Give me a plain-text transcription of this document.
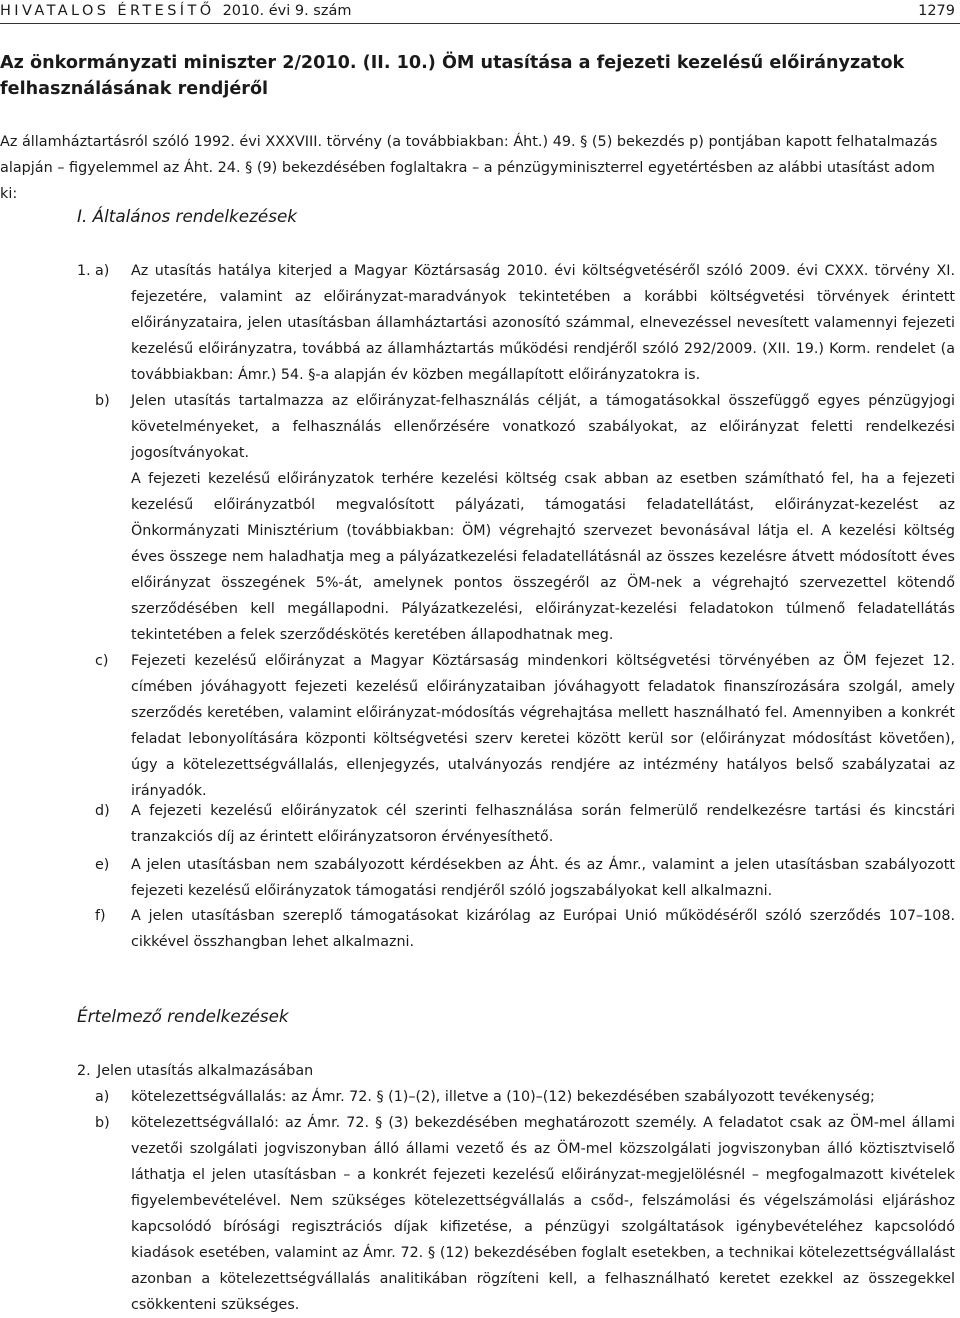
HIVATALOS ÉRTESÍTŐ 2010. évi 9. szám	1279

Az önkormányzati miniszter 2/2010. (II. 10.) ÖM utasítása a fejezeti kezelésű előirányzatok felhasználásának rendjéről

Az államháztartásról szóló 1992. évi XXXVIII. törvény (a továbbiakban: Áht.) 49. § (5) bekezdés p) pontjában kapott felhatalmazás alapján – figyelemmel az Áht. 24. § (9) bekezdésében foglaltakra – a pénzügyminiszterrel egyetértésben az alábbi utasítást adom ki:

I. Általános rendelkezések
1. a) Az utasítás hatálya kiterjed a Magyar Köztársaság 2010. évi költségvetéséről szóló 2009. évi CXXX. törvény XI. fejezetére, valamint az előirányzat-maradványok tekintetében a korábbi költségvetési törvények érintett előirányzataira, jelen utasításban államháztartási azonosító számmal, elnevezéssel nevesített valamennyi fejezeti kezelésű előirányzatra, továbbá az államháztartás működési rendjéről szóló 292/2009. (XII. 19.) Korm. rendelet (a továbbiakban: Ámr.) 54. §-a alapján év közben megállapított előirányzatokra is.

b) Jelen utasítás tartalmazza az előirányzat-felhasználás célját, a támogatásokkal összefüggő egyes pénzügyjogi követelményeket, a felhasználás ellenőrzésére vonatkozó szabályokat, az előirányzat feletti rendelkezési jogosítványokat.

A fejezeti kezelésű előirányzatok terhére kezelési költség csak abban az esetben számítható fel, ha a fejezeti kezelésű előirányzatból megvalósított pályázati, támogatási feladatellátást, előirányzat-kezelést az Önkormányzati Minisztérium (továbbiakban: ÖM) végrehajtó szervezet bevonásával látja el. A kezelési költség éves összege nem haladhatja meg a pályázatkezelési feladatellátásnál az összes kezelésre átvett módosított éves előirányzat összegének 5%-át, amelynek pontos összegéről az ÖM-nek a végrehajtó szervezettel kötendő szerződésében kell megállapodni. Pályázatkezelési, előirányzat-kezelési feladatokon túlmenő feladatellátás tekintetében a felek szerződéskötés keretében állapodhatnak meg.

c) Fejezeti kezelésű előirányzat a Magyar Köztársaság mindenkori költségvetési törvényében az ÖM fejezet 12. címében jóváhagyott fejezeti kezelésű előirányzataiban jóváhagyott feladatok finanszírozására szolgál, amely szerződés keretében, valamint előirányzat-módosítás végrehajtása mellett használható fel. Amennyiben a konkrét feladat lebonyolítására központi költségvetési szerv keretei között kerül sor (előirányzat módosítást követően), úgy a kötelezettségvállalás, ellenjegyzés, utalványozás rendjére az intézmény hatályos belső szabályzatai az irányadók.

d) A fejezeti kezelésű előirányzatok cél szerinti felhasználása során felmerülő rendelkezésre tartási és kincstári tranzakciós díj az érintett előirányzatsoron érvényesíthető.

e) A jelen utasításban nem szabályozott kérdésekben az Áht. és az Ámr., valamint a jelen utasításban szabályozott fejezeti kezelésű előirányzatok támogatási rendjéről szóló jogszabályokat kell alkalmazni.

f) A jelen utasításban szereplő támogatásokat kizárólag az Európai Unió működéséről szóló szerződés 107–108. cikkével összhangban lehet alkalmazni.

Értelmező rendelkezések
2. Jelen utasítás alkalmazásában
a) kötelezettségvállalás: az Ámr. 72. § (1)–(2), illetve a (10)–(12) bekezdésében szabályozott tevékenység;

b) kötelezettségvállaló: az Ámr. 72. § (3) bekezdésében meghatározott személy. A feladatot csak az ÖM-mel állami vezetői szolgálati jogviszonyban álló állami vezető és az ÖM-mel közszolgálati jogviszonyban álló köztisztviselő láthatja el jelen utasításban – a konkrét fejezeti kezelésű előirányzat-megjelölésnél – megfogalmazott kivételek figyelembevételével. Nem szükséges kötelezettségvállalás a csőd-, felszámolási és végelszámolási eljáráshoz kapcsolódó bírósági regisztrációs díjak kifizetése, a pénzügyi szolgáltatások igénybevételéhez kapcsolódó kiadások esetében, valamint az Ámr. 72. § (12) bekezdésében foglalt esetekben, a technikai kötelezettségvállalást azonban a kötelezettségvállalás analitikában rögzíteni kell, a felhasználható keretet ezekkel az összegekkel csökkenteni szükséges.
